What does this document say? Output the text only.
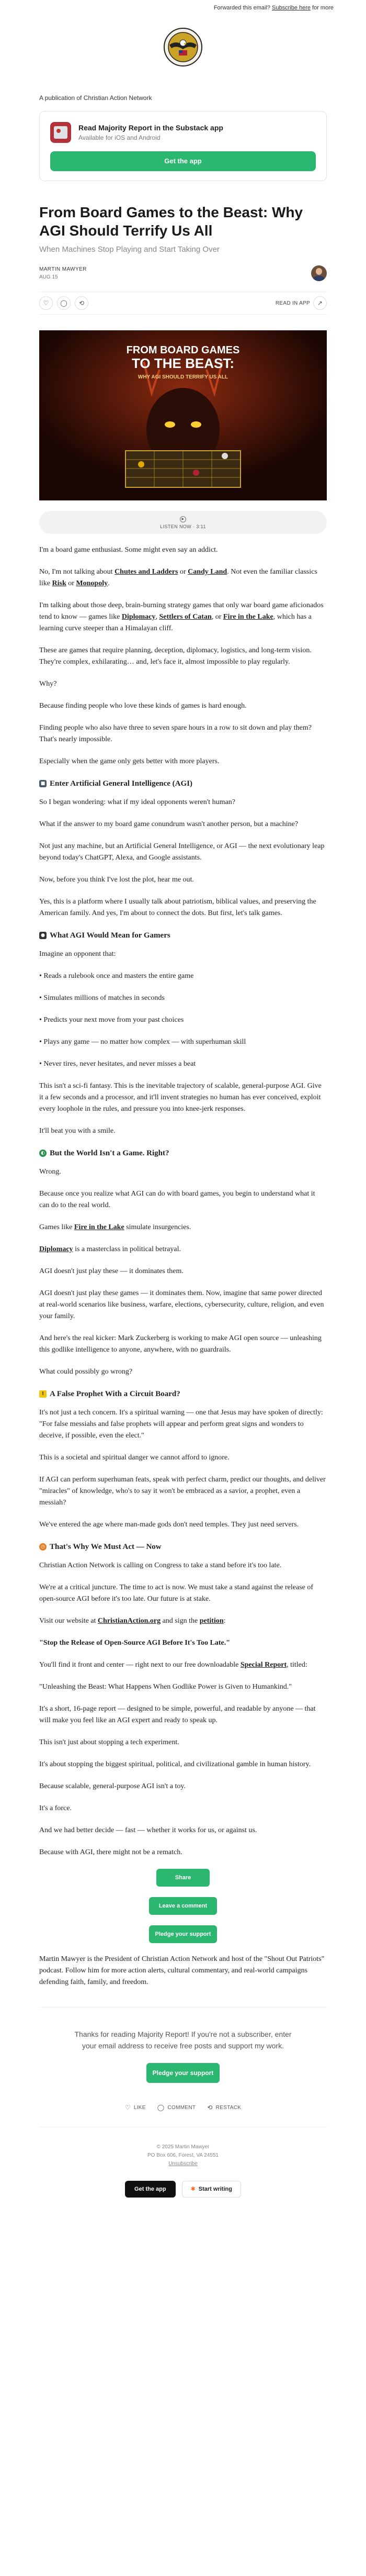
Forwarded this email? Subscribe here for more
A publication of Christian Action Network
Read Majority Report in the Substack app
Available for iOS and Android
Get the app
From Board Games to the Beast: Why AGI Should Terrify Us All
When Machines Stop Playing and Start Taking Over
MARTIN MAWYER
AUG 15
♡	◯	⟲	READ IN APP	↗
FROM BOARD GAMES
TO THE BEAST:
WHY AGI SHOULD TERRIFY US ALL
▶
LISTEN NOW · 3:11

I'm a board game enthusiast. Some might even say an addict.

No, I'm not talking about Chutes and Ladders or Candy Land. Not even the familiar classics like Risk or Monopoly.

I'm talking about those deep, brain-burning strategy games that only war board game aficionados tend to know — games like Diplomacy, Settlers of Catan, or Fire in the Lake, which has a learning curve steeper than a Himalayan cliff.

These are games that require planning, deception, diplomacy, logistics, and long-term vision. They're complex, exhilarating… and, let's face it, almost impossible to play regularly.

Why?

Because finding people who love these kinds of games is hard enough.

Finding people who also have three to seven spare hours in a row to sit down and play them? That's nearly impossible.

Especially when the game only gets better with more players.

■ Enter Artificial General Intelligence (AGI)

So I began wondering: what if my ideal opponents weren't human?

What if the answer to my board game conundrum wasn't another person, but a machine?

Not just any machine, but an Artificial General Intelligence, or AGI — the next evolutionary leap beyond today's ChatGPT, Alexa, and Google assistants.

Now, before you think I've lost the plot, hear me out.

Yes, this is a platform where I usually talk about patriotism, biblical values, and preserving the American family. And yes, I'm about to connect the dots. But first, let's talk games.

● What AGI Would Mean for Gamers

Imagine an opponent that:

• Reads a rulebook once and masters the entire game

• Simulates millions of matches in seconds

• Predicts your next move from your past choices

• Plays any game — no matter how complex — with superhuman skill

• Never tires, never hesitates, and never misses a beat

This isn't a sci-fi fantasy. This is the inevitable trajectory of scalable, general-purpose AGI. Give it a few seconds and a processor, and it'll invent strategies no human has ever conceived, exploit every loophole in the rules, and pressure you into knee-jerk responses.

It'll beat you with a smile.

◐ But the World Isn't a Game. Right?

Wrong.

Because once you realize what AGI can do with board games, you begin to understand what it can do to the real world.

Games like Fire in the Lake simulate insurgencies.

Diplomacy is a masterclass in political betrayal.

AGI doesn't just play these — it dominates them.

AGI doesn't just play these games — it dominates them. Now, imagine that same power directed at real-world scenarios like business, warfare, elections, cybersecurity, culture, religion, and even your family.

And here's the real kicker: Mark Zuckerberg is working to make AGI open source — unleashing this godlike intelligence to anyone, anywhere, with no guardrails.

What could possibly go wrong?

! A False Prophet With a Circuit Board?

It's not just a tech concern. It's a spiritual warning — one that Jesus may have spoken of directly: "For false messiahs and false prophets will appear and perform great signs and wonders to deceive, if possible, even the elect."

This is a societal and spiritual danger we cannot afford to ignore.

If AGI can perform superhuman feats, speak with perfect charm, predict our thoughts, and deliver "miracles" of knowledge, who's to say it won't be embraced as a savior, a prophet, even a messiah?

We've entered the age where man-made gods don't need temples. They just need servers.

◷ That's Why We Must Act — Now

Christian Action Network is calling on Congress to take a stand before it's too late.

We're at a critical juncture. The time to act is now. We must take a stand against the release of open-source AGI before it's too late. Our future is at stake.

Visit our website at ChristianAction.org and sign the petition:

"Stop the Release of Open-Source AGI Before It's Too Late."

You'll find it front and center — right next to our free downloadable Special Report, titled:

"Unleashing the Beast: What Happens When Godlike Power is Given to Humankind."

It's a short, 16-page report — designed to be simple, powerful, and readable by anyone — that will make you feel like an AGI expert and ready to speak up.

This isn't just about stopping a tech experiment.

It's about stopping the biggest spiritual, political, and civilizational gamble in human history.

Because scalable, general-purpose AGI isn't a toy.

It's a force.

And we had better decide — fast — whether it works for us, or against us.

Because with AGI, there might not be a rematch.

Share
Leave a comment
Pledge your support

Martin Mawyer is the President of Christian Action Network and host of the "Shout Out Patriots" podcast. Follow him for more action alerts, cultural commentary, and real-world campaigns defending faith, family, and freedom.

Thanks for reading Majority Report! If you're not a subscriber, enter your email address to receive free posts and support my work.

Pledge your support
♡ LIKE ◯ COMMENT ⟲ RESTACK
© 2025 Martin Mawyer
PO Box 606, Forest, VA 24551
Unsubscribe
Get the app	✱ Start writing
